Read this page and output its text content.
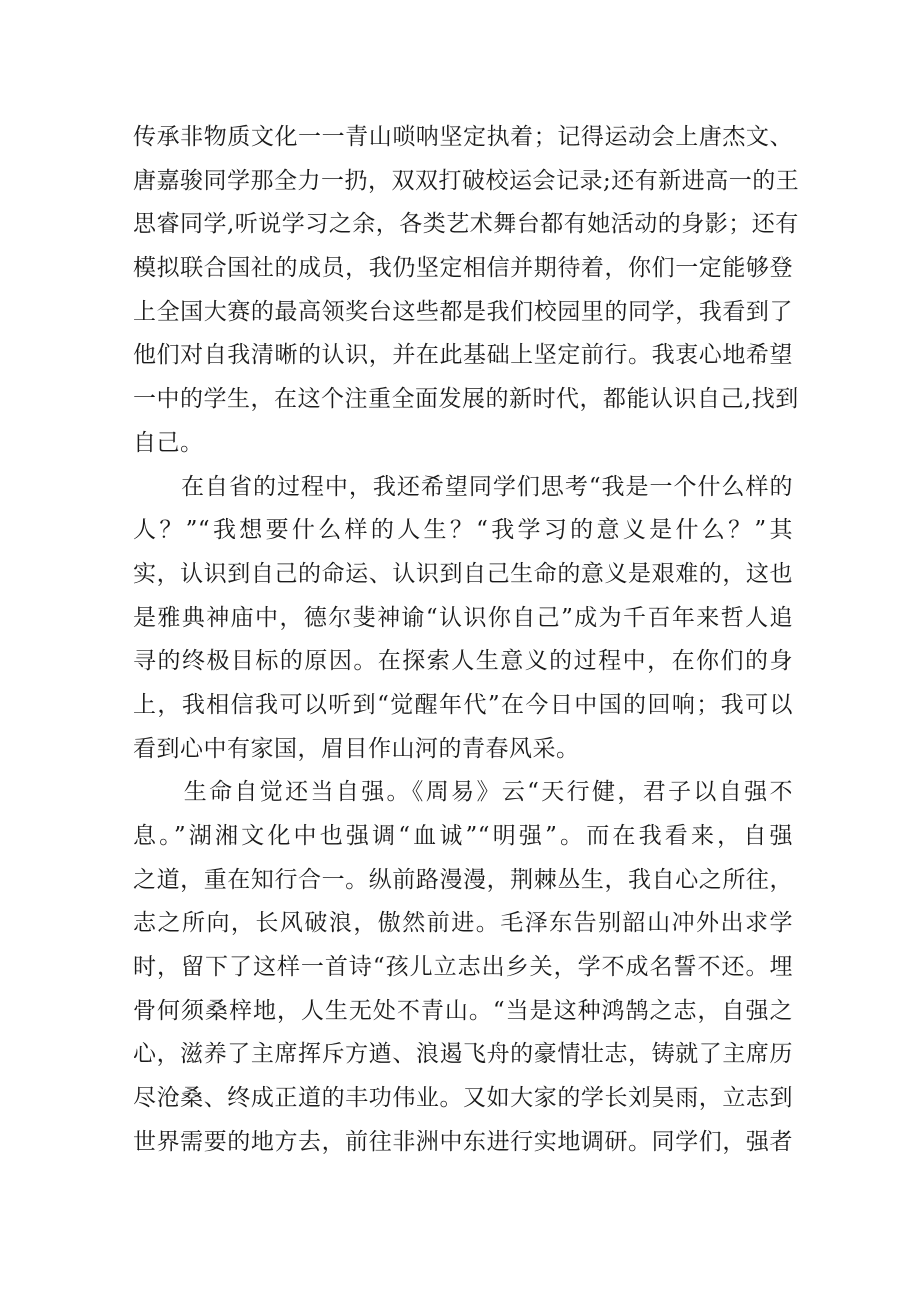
传承非物质文化一一青山唢呐坚定执着；记得运动会上唐杰文、
唐嘉骏同学那全力一扔，双双打破校运会记录;还有新进高一的王
思睿同学,听说学习之余，各类艺术舞台都有她活动的身影；还有
模拟联合国社的成员，我仍坚定相信并期待着，你们一定能够登
上全国大赛的最高领奖台这些都是我们校园里的同学，我看到了
他们对自我清晰的认识，并在此基础上坚定前行。我衷心地希望
一中的学生，在这个注重全面发展的新时代，都能认识自己,找到
自己。
　　在自省的过程中，我还希望同学们思考“我是一个什么样的
人？”“我想要什么样的人生？“我学习的意义是什么？”其
实，认识到自己的命运、认识到自己生命的意义是艰难的，这也
是雅典神庙中，德尔斐神谕“认识你自己”成为千百年来哲人追
寻的终极目标的原因。在探索人生意义的过程中，在你们的身
上，我相信我可以听到“觉醒年代”在今日中国的回响；我可以
看到心中有家国，眉目作山河的青春风采。
　　生命自觉还当自强。《周易》云“天行健，君子以自强不
息。”湖湘文化中也强调“血诚”“明强”。而在我看来，自强
之道，重在知行合一。纵前路漫漫，荆棘丛生，我自心之所往，
志之所向，长风破浪，傲然前进。毛泽东告别韶山冲外出求学
时，留下了这样一首诗“孩儿立志出乡关，学不成名誓不还。埋
骨何须桑梓地，人生无处不青山。“当是这种鸿鹄之志，自强之
心，滋养了主席挥斥方遒、浪遏飞舟的豪情壮志，铸就了主席历
尽沧桑、终成正道的丰功伟业。又如大家的学长刘昊雨，立志到
世界需要的地方去，前往非洲中东进行实地调研。同学们，强者
